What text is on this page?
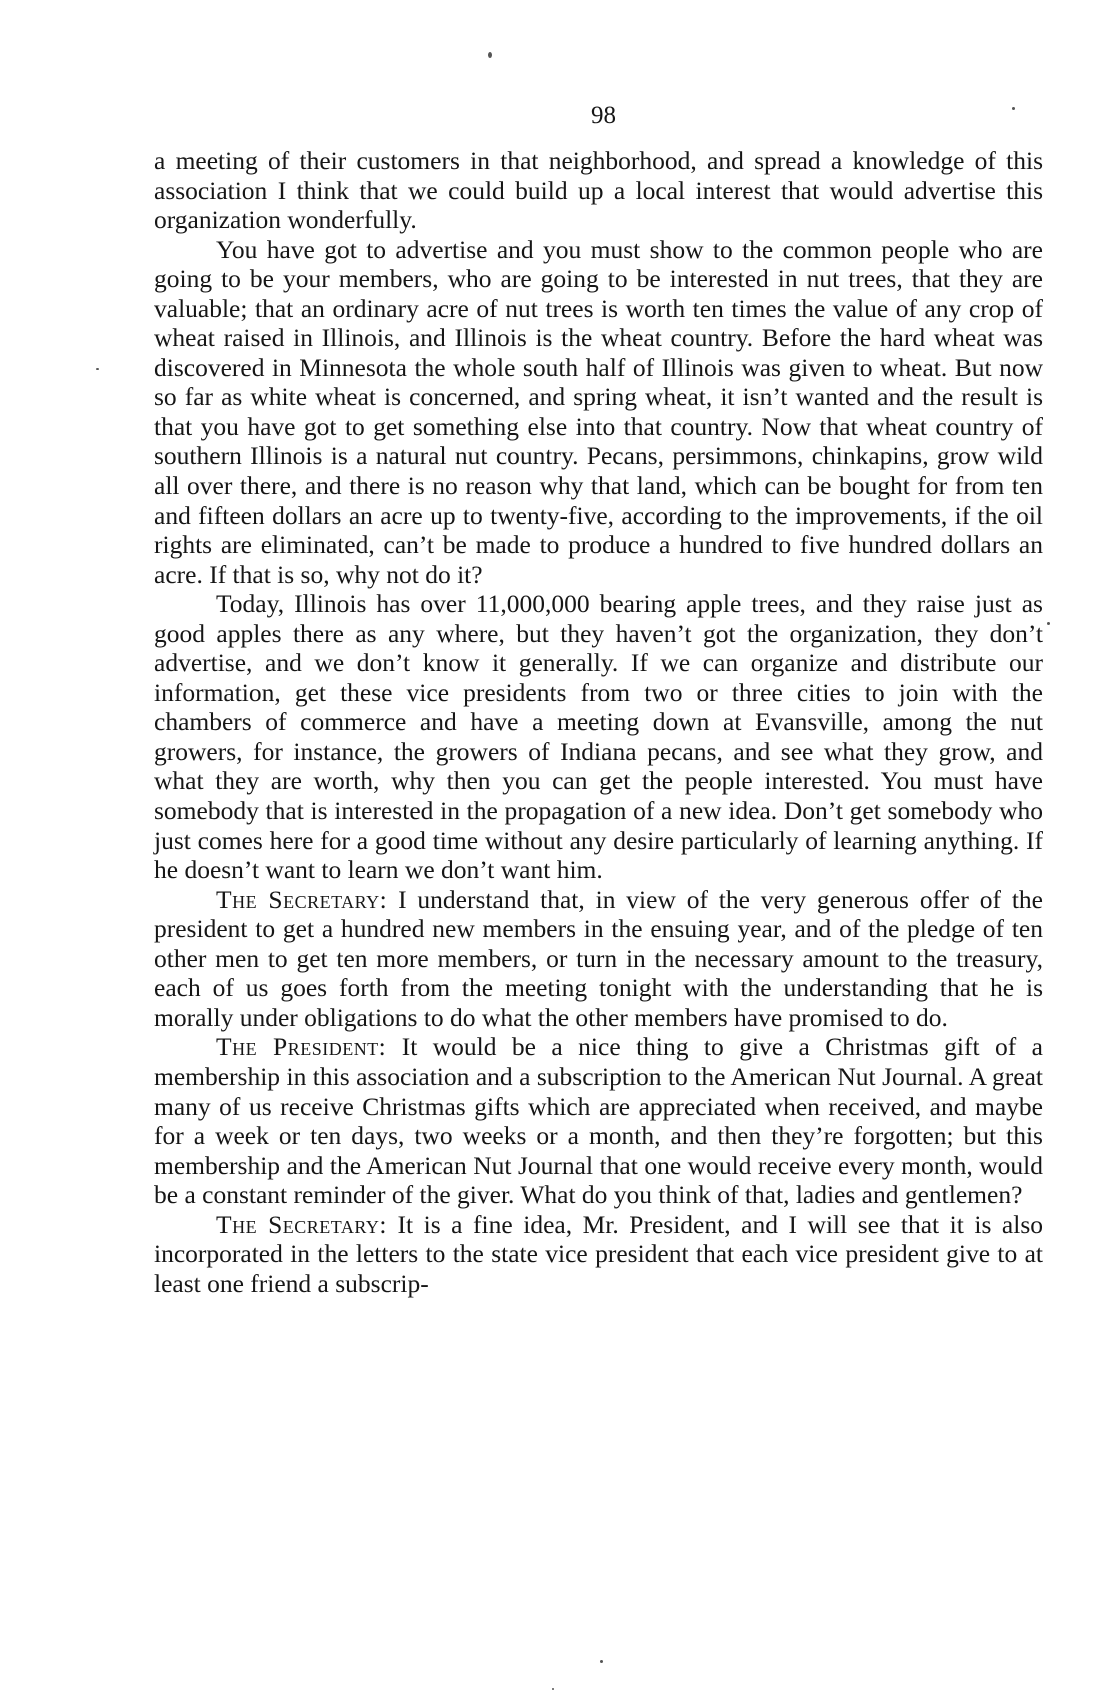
98

a meeting of their customers in that neighborhood, and spread a knowledge of this association I think that we could build up a local interest that would advertise this organization wonderfully.

You have got to advertise and you must show to the common people who are going to be your members, who are going to be interested in nut trees, that they are valuable; that an ordinary acre of nut trees is worth ten times the value of any crop of wheat raised in Illinois, and Illinois is the wheat country. Before the hard wheat was discovered in Minnesota the whole south half of Illinois was given to wheat. But now so far as white wheat is concerned, and spring wheat, it isn’t wanted and the result is that you have got to get something else into that country. Now that wheat country of southern Illinois is a natural nut country. Pecans, persimmons, chinkapins, grow wild all over there, and there is no reason why that land, which can be bought for from ten and fifteen dollars an acre up to twenty-five, according to the improvements, if the oil rights are eliminated, can’t be made to produce a hundred to five hundred dollars an acre. If that is so, why not do it?

Today, Illinois has over 11,000,000 bearing apple trees, and they raise just as good apples there as any where, but they haven’t got the organization, they don’t advertise, and we don’t know it generally. If we can organize and distribute our information, get these vice presidents from two or three cities to join with the chambers of commerce and have a meeting down at Evansville, among the nut growers, for instance, the growers of Indiana pecans, and see what they grow, and what they are worth, why then you can get the people interested. You must have somebody that is interested in the propagation of a new idea. Don’t get somebody who just comes here for a good time without any desire particularly of learning anything. If he doesn’t want to learn we don’t want him.

The Secretary: I understand that, in view of the very generous offer of the president to get a hundred new members in the ensuing year, and of the pledge of ten other men to get ten more members, or turn in the necessary amount to the treasury, each of us goes forth from the meeting tonight with the understanding that he is morally under obligations to do what the other members have promised to do.

The President: It would be a nice thing to give a Christmas gift of a membership in this association and a subscription to the American Nut Journal. A great many of us receive Christmas gifts which are appreciated when received, and maybe for a week or ten days, two weeks or a month, and then they’re forgotten; but this membership and the American Nut Journal that one would receive every month, would be a constant reminder of the giver. What do you think of that, ladies and gentlemen?

The Secretary: It is a fine idea, Mr. President, and I will see that it is also incorporated in the letters to the state vice president that each vice president give to at least one friend a subscrip-
